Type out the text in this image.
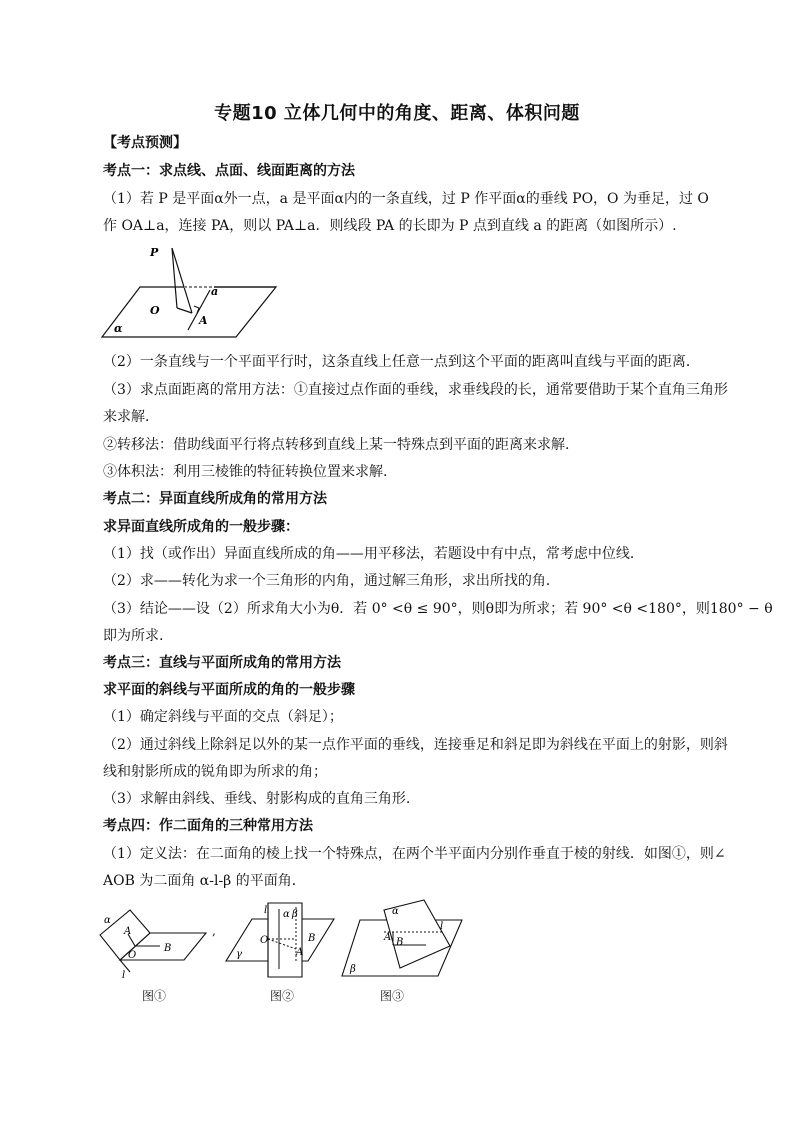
专题10 立体几何中的角度、距离、体积问题
【考点预测】
考点一：求点线、点面、线面距离的方法
（1）若 P 是平面α外一点，a 是平面α内的一条直线，过 P 作平面α的垂线 PO，O 为垂足，过 O
作 OA⊥a，连接 PA，则以 PA⊥a．则线段 PA 的长即为 P 点到直线 a 的距离（如图所示）.
P
O
A
a
α
（2）一条直线与一个平面平行时，这条直线上任意一点到这个平面的距离叫直线与平面的距离．
（3）求点面距离的常用方法：①直接过点作面的垂线，求垂线段的长，通常要借助于某个直角三角形
来求解．
②转移法：借助线面平行将点转移到直线上某一特殊点到平面的距离来求解.
③体积法：利用三棱锥的特征转换位置来求解.
考点二：异面直线所成角的常用方法
求异面直线所成角的一般步骤：
（1）找（或作出）异面直线所成的角——用平移法，若题设中有中点，常考虑中位线．
（2）求——转化为求一个三角形的内角，通过解三角形，求出所找的角．
（3）结论——设（2）所求角大小为θ．若 0° <θ ≤ 90°，则θ即为所求；若 90° <θ <180°，则180° − θ
即为所求.
考点三：直线与平面所成角的常用方法
求平面的斜线与平面所成的角的一般步骤
（1）确定斜线与平面的交点（斜足）；
（2）通过斜线上除斜足以外的某一点作平面的垂线，连接垂足和斜足即为斜线在平面上的射影，则斜
线和射影所成的锐角即为所求的角；
（3）求解由斜线、垂线、射影构成的直角三角形.
考点四：作二面角的三种常用方法
（1）定义法：在二面角的棱上找一个特殊点，在两个半平面内分别作垂直于棱的射线．如图①，则∠
AOB 为二面角 α-l-β 的平面角．
α
A
O
B
l
图①
,
l α β
O	B
A
γ
图②
α
l
A B
β
图③
